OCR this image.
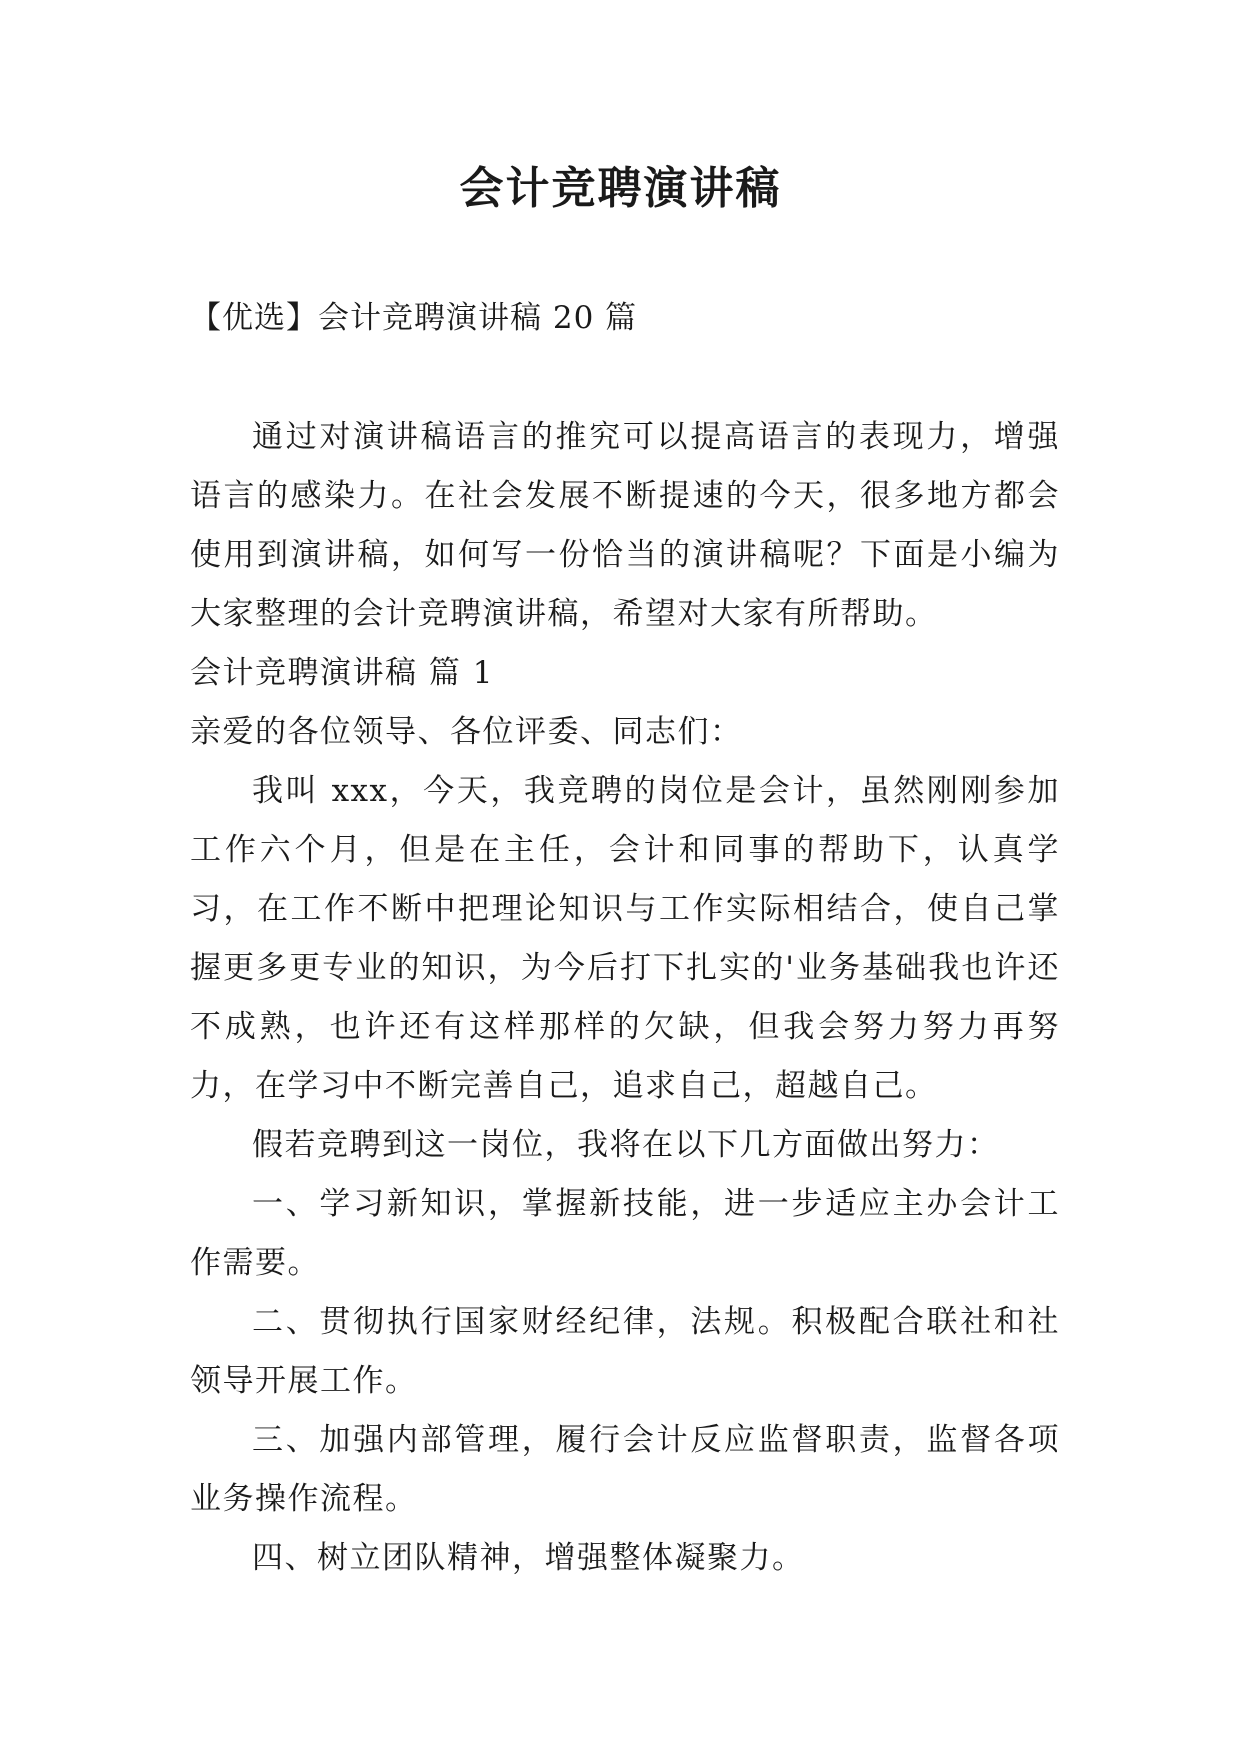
会计竞聘演讲稿

【优选】会计竞聘演讲稿 20 篇

通过对演讲稿语言的推究可以提高语言的表现力，增强语言的感染力。在社会发展不断提速的今天，很多地方都会使用到演讲稿，如何写一份恰当的演讲稿呢？下面是小编为大家整理的会计竞聘演讲稿，希望对大家有所帮助。

会计竞聘演讲稿 篇 1

亲爱的各位领导、各位评委、同志们：

我叫 xxx，今天，我竞聘的岗位是会计，虽然刚刚参加工作六个月，但是在主任，会计和同事的帮助下，认真学习，在工作不断中把理论知识与工作实际相结合，使自己掌握更多更专业的知识，为今后打下扎实的'业务基础我也许还不成熟，也许还有这样那样的欠缺，但我会努力努力再努力，在学习中不断完善自己，追求自己，超越自己。

假若竞聘到这一岗位，我将在以下几方面做出努力：

一、学习新知识，掌握新技能，进一步适应主办会计工作需要。

二、贯彻执行国家财经纪律，法规。积极配合联社和社领导开展工作。

三、加强内部管理，履行会计反应监督职责，监督各项业务操作流程。

四、树立团队精神，增强整体凝聚力。
